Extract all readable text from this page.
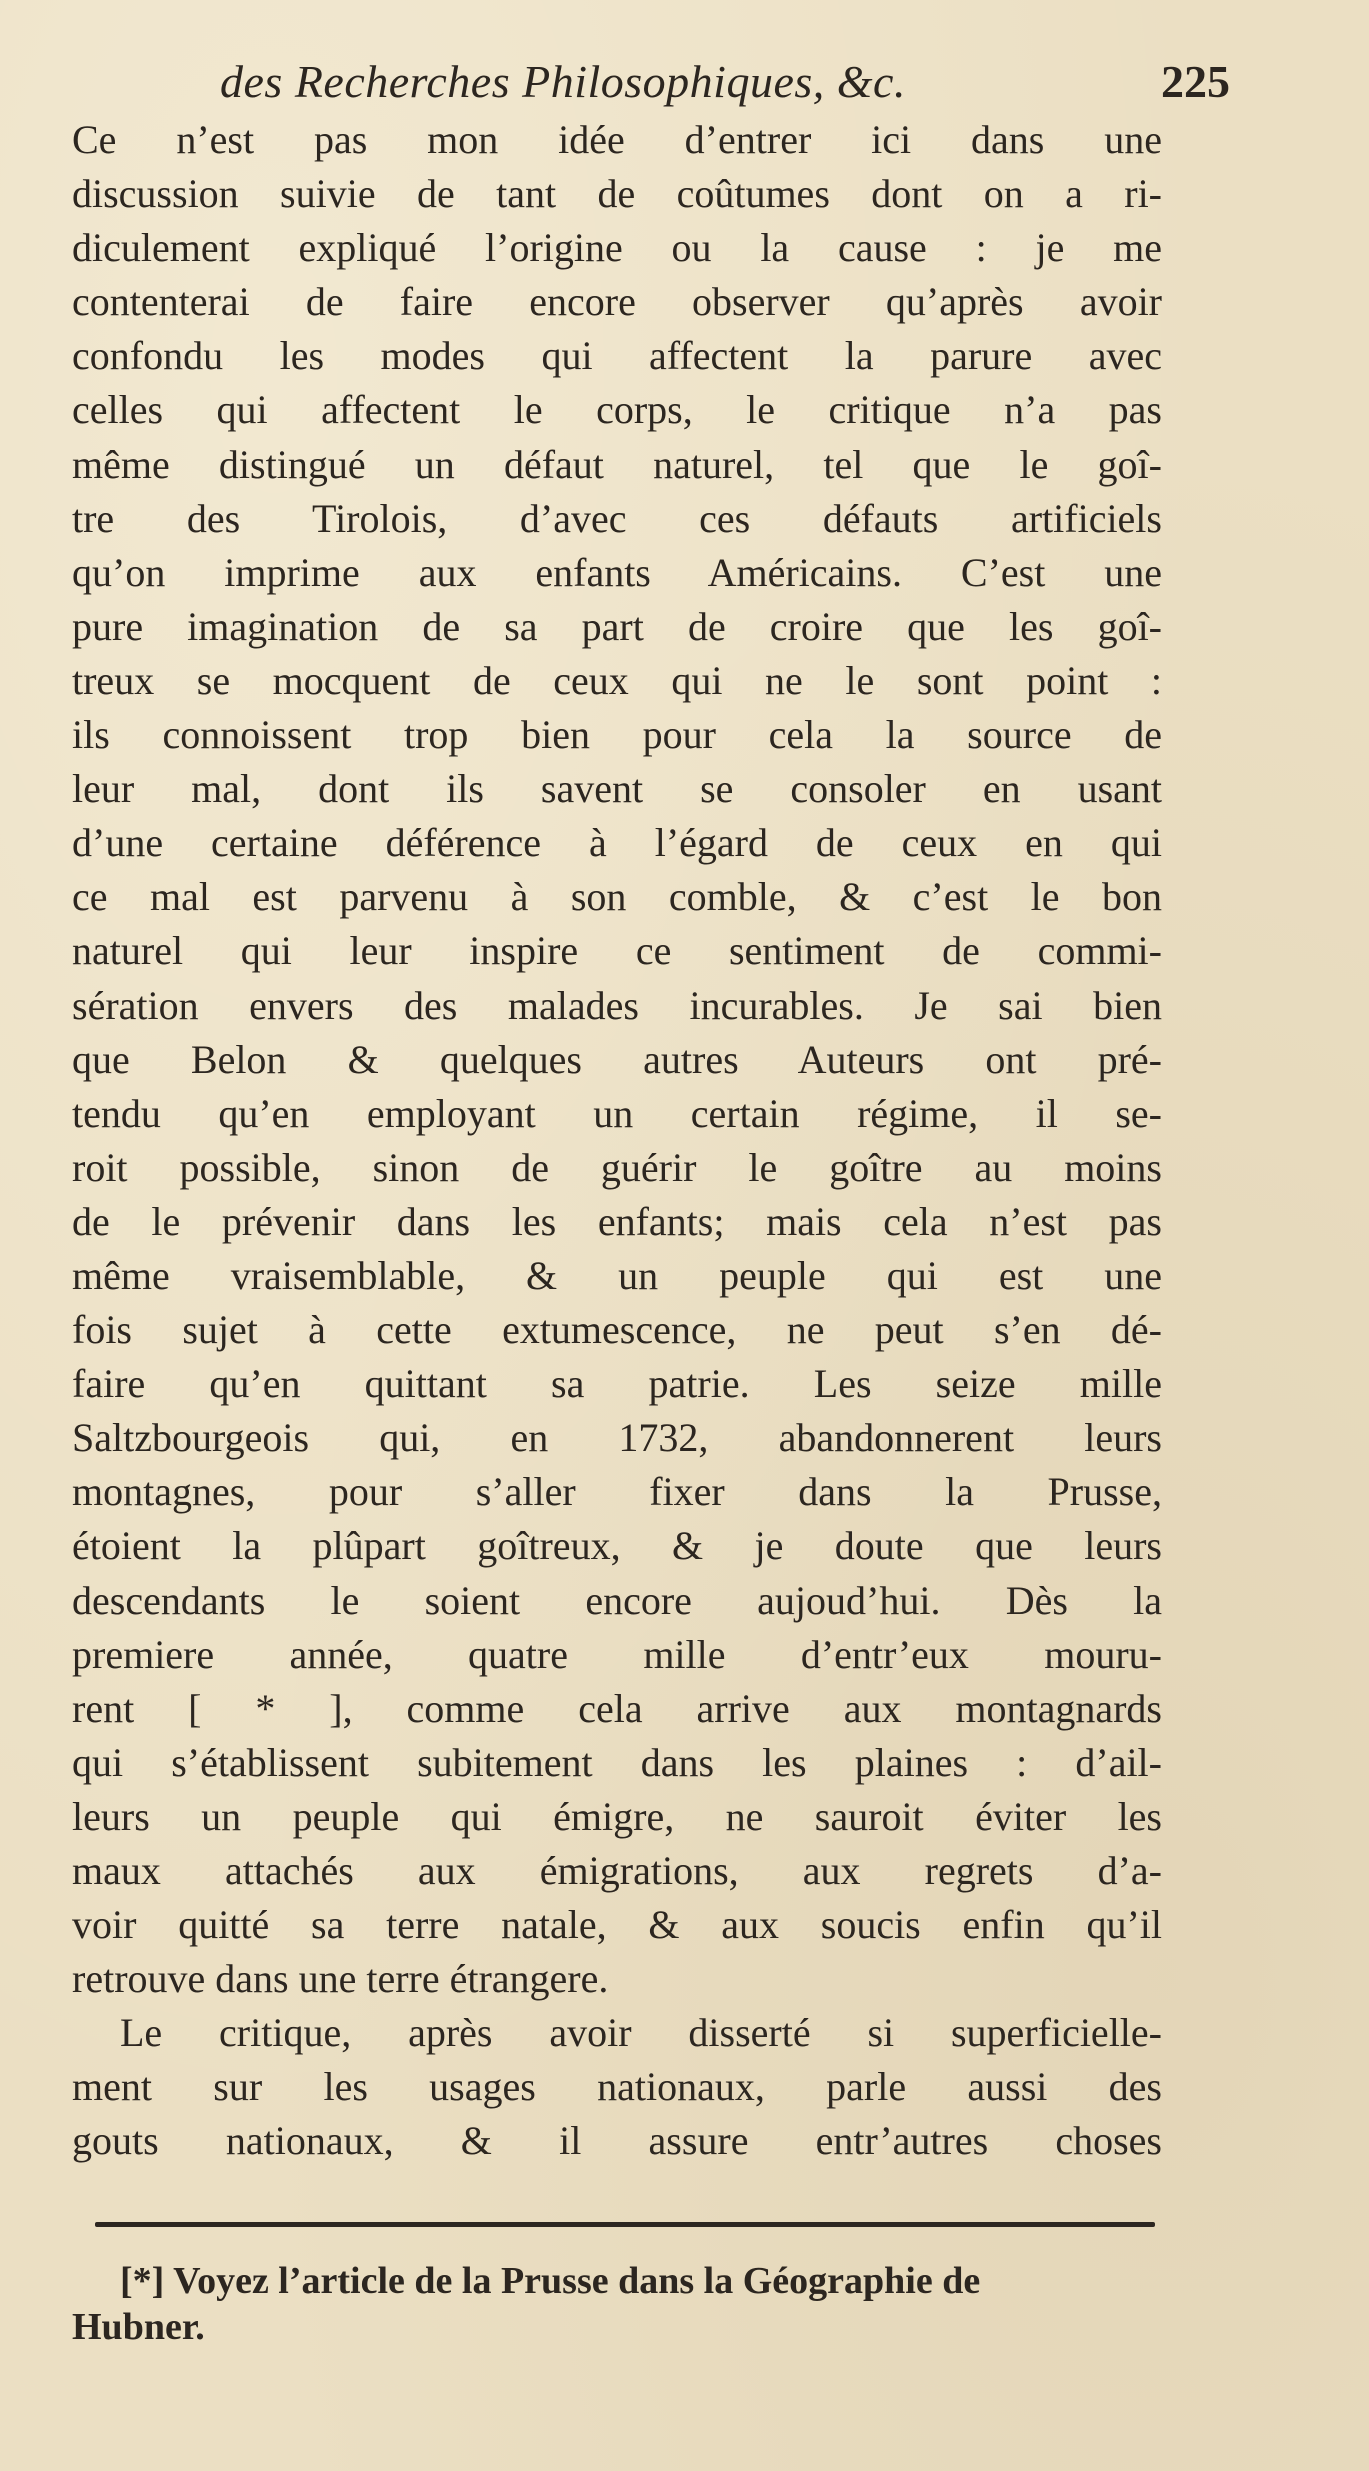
des Recherches Philosophiques, &c.	225
Ce n’est pas mon idée d’entrer ici dans une
discussion suivie de tant de coûtumes dont on a ri-
diculement expliqué l’origine ou la cause : je me
contenterai de faire encore observer qu’après avoir
confondu les modes qui affectent la parure avec
celles qui affectent le corps, le critique n’a pas
même distingué un défaut naturel, tel que le goî-
tre des Tirolois, d’avec ces défauts artificiels
qu’on imprime aux enfants Américains. C’est une
pure imagination de sa part de croire que les goî-
treux se mocquent de ceux qui ne le sont point :
ils connoissent trop bien pour cela la source de
leur mal, dont ils savent se consoler en usant
d’une certaine déférence à l’égard de ceux en qui
ce mal est parvenu à son comble, & c’est le bon
naturel qui leur inspire ce sentiment de commi-
sération envers des malades incurables. Je sai bien
que Belon & quelques autres Auteurs ont pré-
tendu qu’en employant un certain régime, il se-
roit possible, sinon de guérir le goître au moins
de le prévenir dans les enfants; mais cela n’est pas
même vraisemblable, & un peuple qui est une
fois sujet à cette extumescence, ne peut s’en dé-
faire qu’en quittant sa patrie. Les seize mille
Saltzbourgeois qui, en 1732, abandonnerent leurs
montagnes, pour s’aller fixer dans la Prusse,
étoient la plûpart goîtreux, & je doute que leurs
descendants le soient encore aujoud’hui. Dès la
premiere année, quatre mille d’entr’eux mouru-
rent [ * ], comme cela arrive aux montagnards
qui s’établissent subitement dans les plaines : d’ail-
leurs un peuple qui émigre, ne sauroit éviter les
maux attachés aux émigrations, aux regrets d’a-
voir quitté sa terre natale, & aux soucis enfin qu’il
retrouve dans une terre étrangere.
Le critique, après avoir disserté si superficielle-
ment sur les usages nationaux, parle aussi des
gouts nationaux, & il assure entr’autres choses
[*] Voyez l’article de la Prusse dans la Géographie de
Hubner.
